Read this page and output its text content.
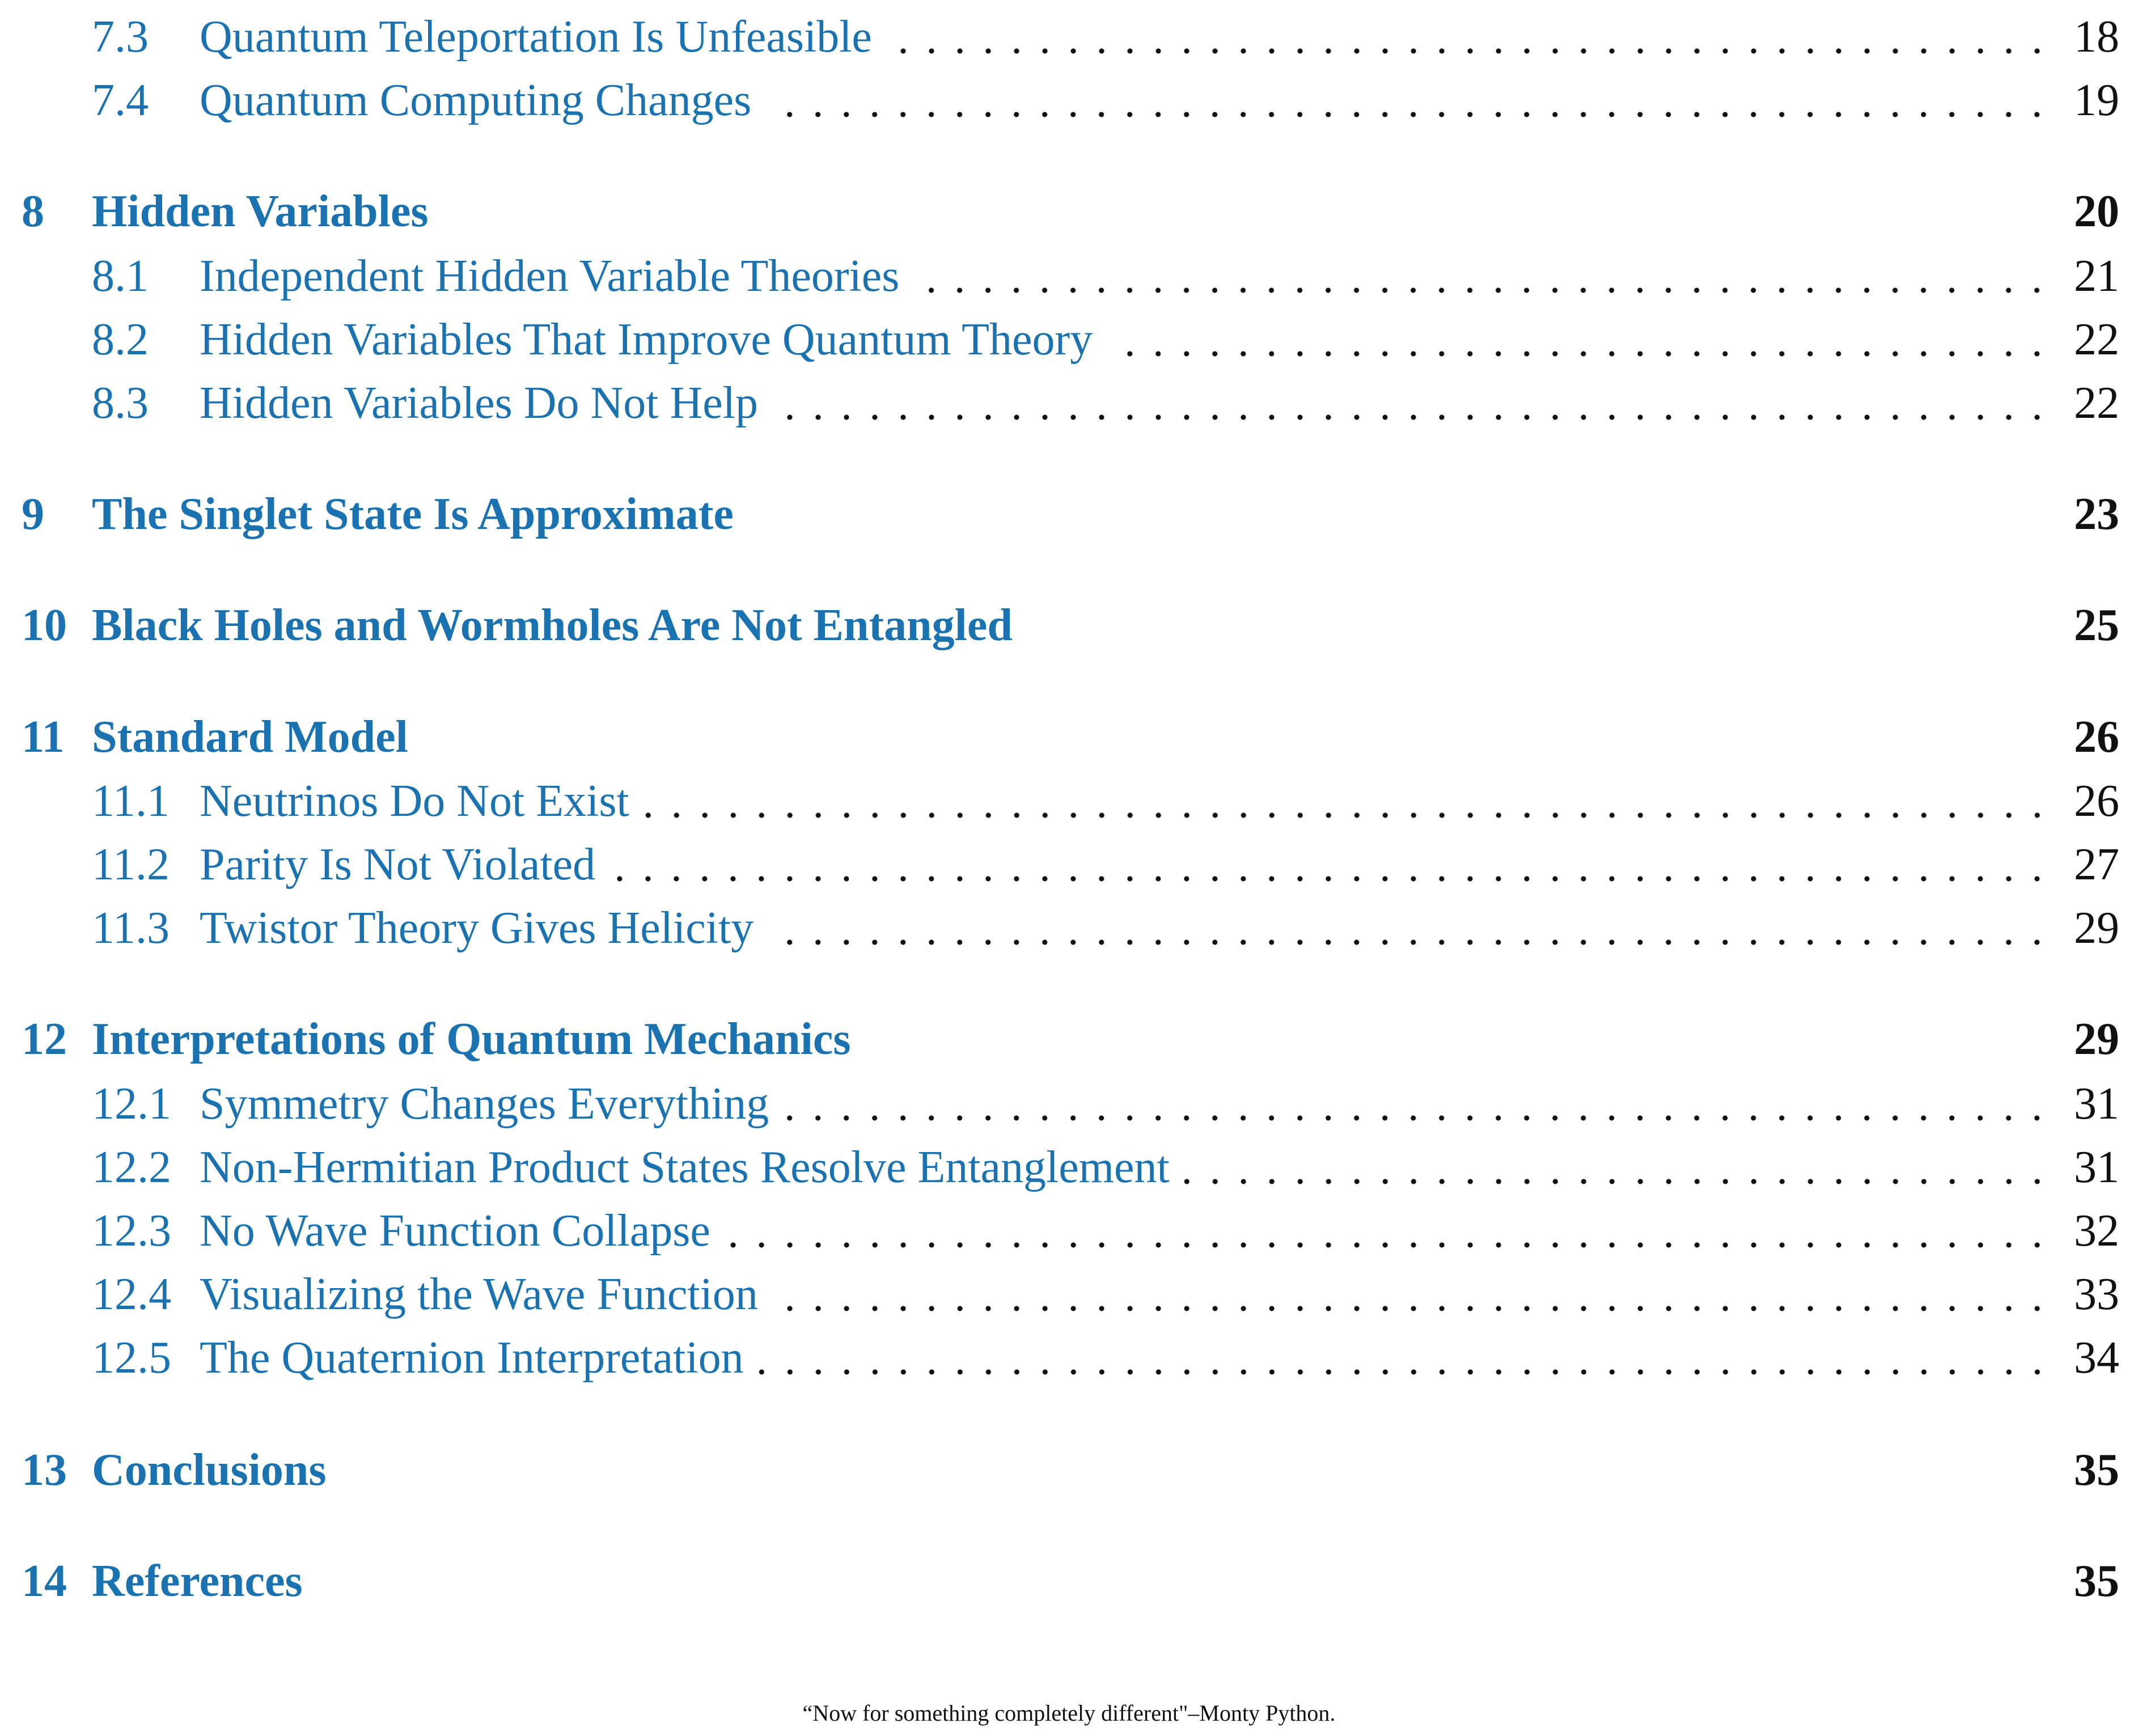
7.3	Quantum Teleportation Is Unfeasible	18
7.4	Quantum Computing Changes	19
8	Hidden Variables	20
8.1	Independent Hidden Variable Theories	21
8.2	Hidden Variables That Improve Quantum Theory	22
8.3	Hidden Variables Do Not Help	22
9	The Singlet State Is Approximate	23
10 Black Holes and Wormholes Are Not Entangled	25
11 Standard Model	26
11.1 Neutrinos Do Not Exist	26
11.2 Parity Is Not Violated	27
11.3 Twistor Theory Gives Helicity	29
12 Interpretations of Quantum Mechanics	29
12.1 Symmetry Changes Everything	31
12.2 Non-Hermitian Product States Resolve Entanglement	31
12.3 No Wave Function Collapse	32
12.4 Visualizing the Wave Function	33
12.5 The Quaternion Interpretation	34
13 Conclusions	35
14 References	35
“Now for something completely different"–Monty Python.
